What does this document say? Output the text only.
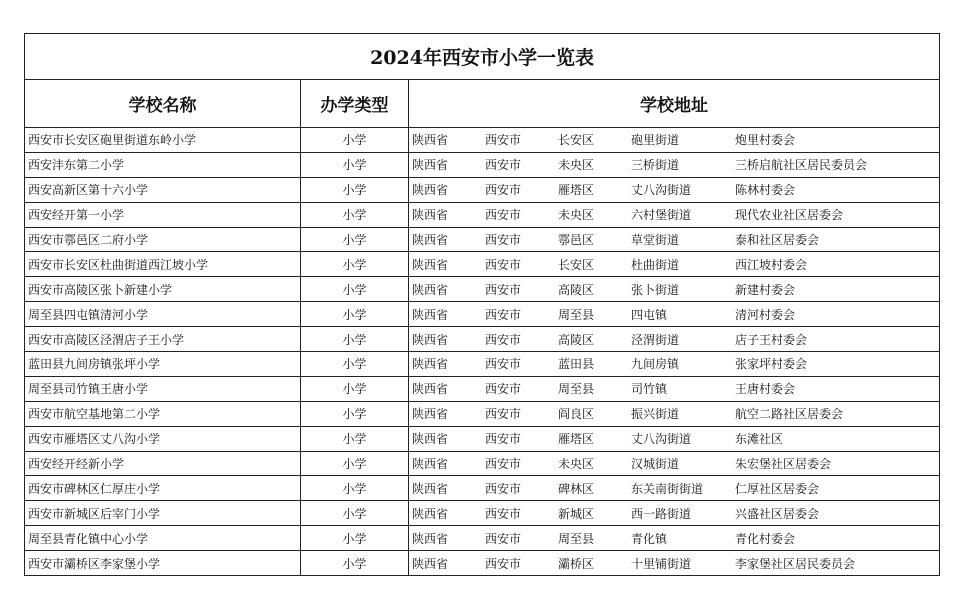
2024年西安市小学一览表		
学校名称	办学类型	学校地址
西安市长安区砲里街道东岭小学	小学	陕西省 西安市 长安区 砲里街道 炮里村委会

西安沣东第二小学	小学	陕西省 西安市 未央区 三桥街道 三桥启航社区居民委员会

西安高新区第十六小学	小学	陕西省 西安市 雁塔区 丈八沟街道 陈林村委会

西安经开第一小学	小学	陕西省 西安市 未央区 六村堡街道 现代农业社区居委会

西安市鄠邑区二府小学	小学	陕西省 西安市 鄠邑区 草堂街道 泰和社区居委会

西安市长安区杜曲街道西江坡小学	小学	陕西省 西安市 长安区 杜曲街道 西江坡村委会

西安市高陵区张卜新建小学	小学	陕西省 西安市 高陵区 张卜街道 新建村委会

周至县四屯镇清河小学	小学	陕西省 西安市 周至县 四屯镇 清河村委会

西安市高陵区泾渭店子王小学	小学	陕西省 西安市 高陵区 泾渭街道 店子王村委会

蓝田县九间房镇张坪小学	小学	陕西省 西安市 蓝田县 九间房镇 张家坪村委会

周至县司竹镇王唐小学	小学	陕西省 西安市 周至县 司竹镇 王唐村委会

西安市航空基地第二小学	小学	陕西省 西安市 阎良区 振兴街道 航空二路社区居委会

西安市雁塔区丈八沟小学	小学	陕西省 西安市 雁塔区 丈八沟街道 东滩社区

西安经开经新小学	小学	陕西省 西安市 未央区 汉城街道 朱宏堡社区居委会

西安市碑林区仁厚庄小学	小学	陕西省 西安市 碑林区 东关南街街道 仁厚社区居委会

西安市新城区后宰门小学	小学	陕西省 西安市 新城区 西一路街道 兴盛社区居委会

周至县青化镇中心小学	小学	陕西省 西安市 周至县 青化镇 青化村委会

西安市灞桥区李家堡小学	小学	陕西省 西安市 灞桥区 十里铺街道 李家堡社区居民委员会
